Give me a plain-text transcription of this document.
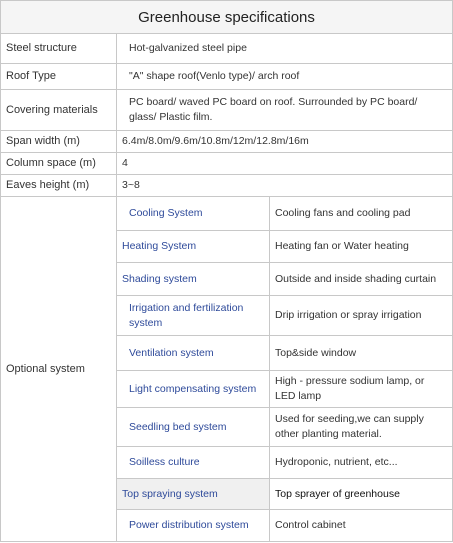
Greenhouse specifications		
Steel structure	Hot-galvanized steel pipe	
Roof Type	"A" shape roof(Venlo type)/ arch roof	
Covering materials	PC board/ waved PC board on roof. Surrounded by PC board/ glass/ Plastic film.	
Span width (m)	6.4m/8.0m/9.6m/10.8m/12m/12.8m/16m	
Column space (m)	4	
Eaves height (m)	3~8	
Optional system	Cooling System	Cooling fans and cooling pad
	Heating System	Heating fan or Water heating
	Shading system	Outside and inside shading curtain
	Irrigation and fertilization system	Drip irrigation or spray irrigation
	Ventilation system	Top&side window
	Light compensating system	High - pressure sodium lamp, or LED lamp
	Seedling bed system	Used for seeding,we can supply other planting material.
	Soilless culture	Hydroponic, nutrient, etc...
	Top spraying system	Top sprayer of greenhouse
	Power distribution system	Control cabinet
